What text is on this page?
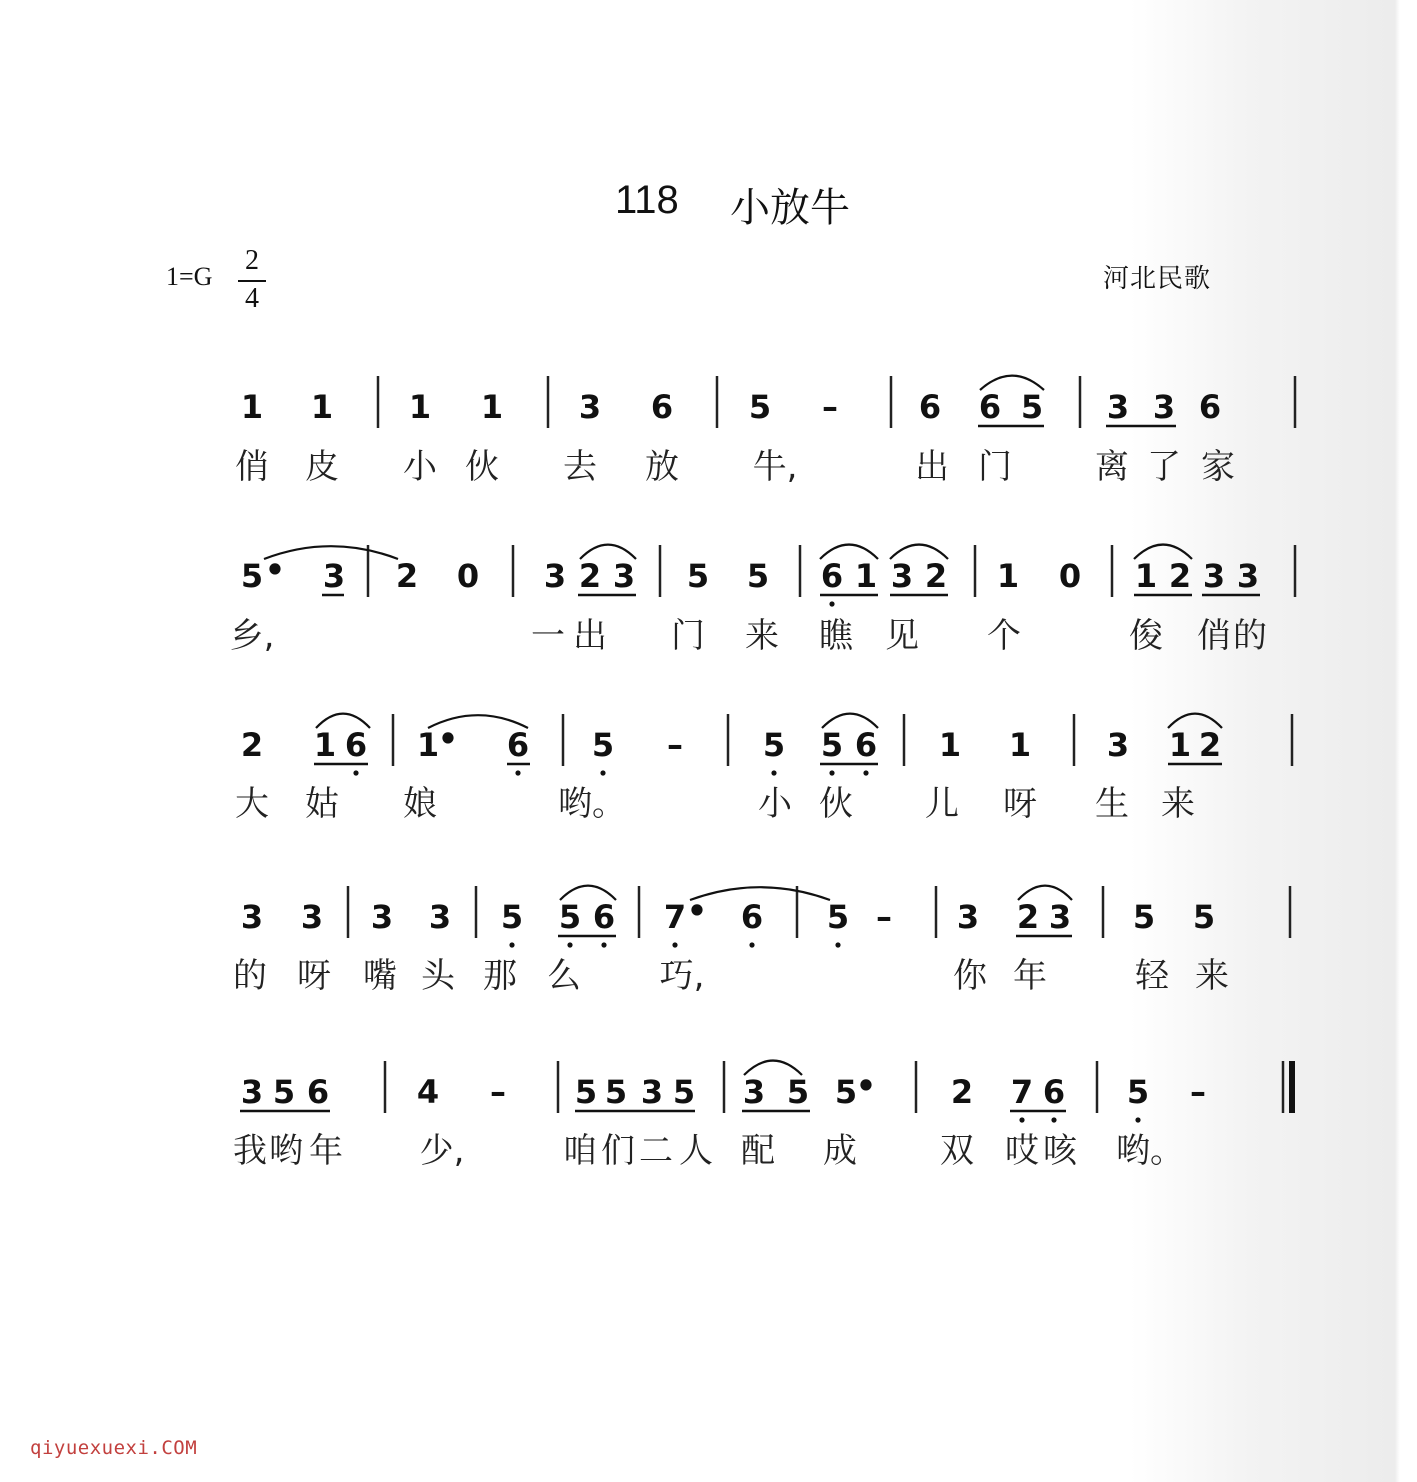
118 小放牛
1=G
2
4
河北民歌
1 1 1 1 3 6 5 –	6 6 5 3 3 6
俏 皮 小 伙 去 放 牛,	出 门 离 了 家
5 • 3 2 0 3 2 3 5 5 6 1 3 2 1 0 1 2 3 3
乡,	一 出 门 来 瞧 见 个	俊 俏 的
2 1 6 1
• 6 5 – 5 5 6 1 1 3 1 2
大 姑 娘	哟。	小 伙 儿 呀 生 来
3 3 3 3 5 5 6 7 • 6 5 – 3 2 3 5 5
的 呀 嘴 头 那 么 巧,	你 年	轻 来
3 5 6	4 – 5 5 3 5 3 5 5
• 2 7 6 5 –
我 哟 年 少,	咱 们 二 人 配 成 双 哎 咳 哟。
qiyuexuexi.COM
